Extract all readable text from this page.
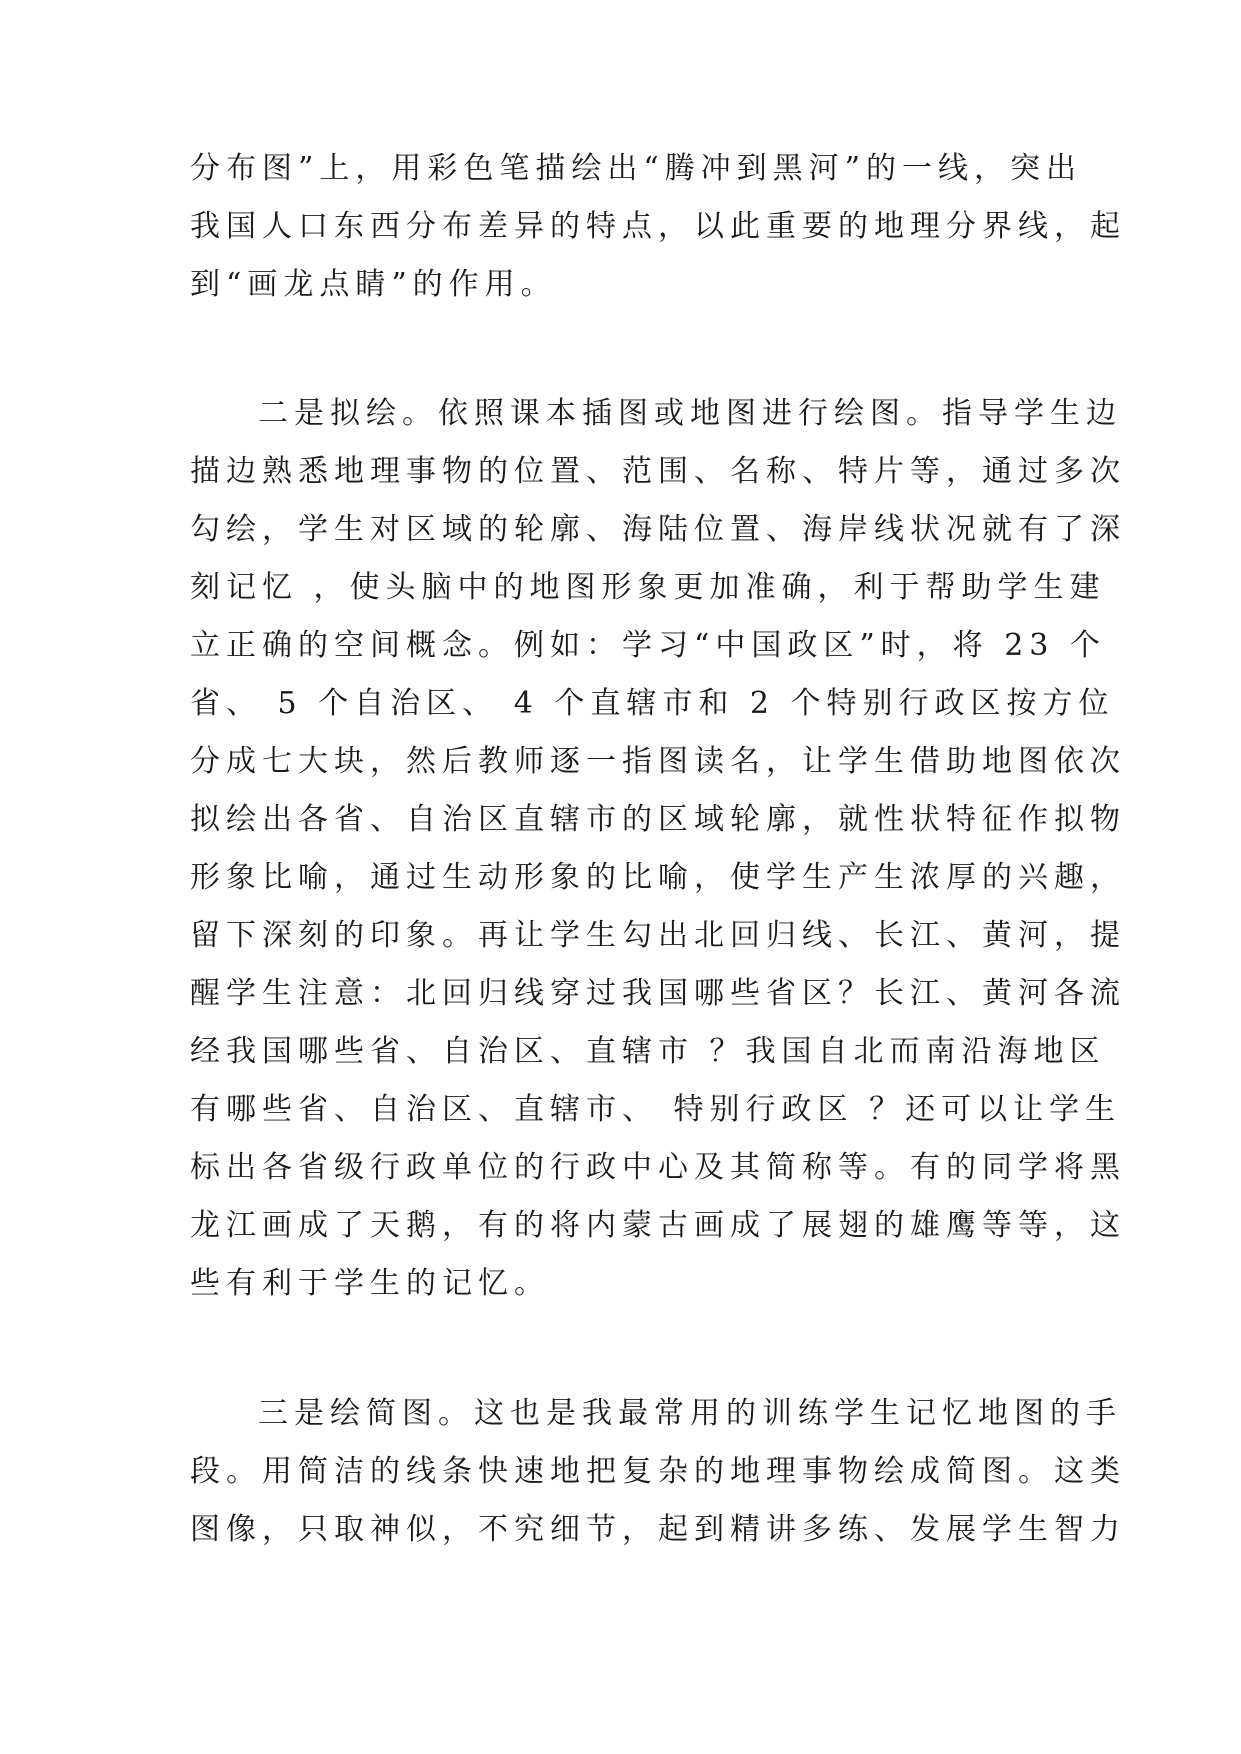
分布图”上，用彩色笔描绘出“腾冲到黑河”的一线，突出
我国人口东西分布差异的特点，以此重要的地理分界线，起
到“画龙点睛”的作用。
二是拟绘。依照课本插图或地图进行绘图。指导学生边
描边熟悉地理事物的位置、范围、名称、特片等，通过多次
勾绘，学生对区域的轮廓、海陆位置、海岸线状况就有了深
刻记忆 ，使头脑中的地图形象更加准确，利于帮助学生建
立正确的空间概念。例如：学习“中国政区”时，将 23 个
省、 5 个自治区、 4 个直辖市和 2 个特别行政区按方位
分成七大块，然后教师逐一指图读名，让学生借助地图依次
拟绘出各省、自治区直辖市的区域轮廓，就性状特征作拟物
形象比喻，通过生动形象的比喻，使学生产生浓厚的兴趣，
留下深刻的印象。再让学生勾出北回归线、长江、黄河，提
醒学生注意：北回归线穿过我国哪些省区？长江、黄河各流
经我国哪些省、自治区、直辖市 ？我国自北而南沿海地区
有哪些省、自治区、直辖市、 特别行政区 ？还可以让学生
标出各省级行政单位的行政中心及其简称等。有的同学将黑
龙江画成了天鹅，有的将内蒙古画成了展翅的雄鹰等等，这
些有利于学生的记忆。
三是绘简图。这也是我最常用的训练学生记忆地图的手
段。用简洁的线条快速地把复杂的地理事物绘成简图。这类
图像，只取神似，不究细节，起到精讲多练、发展学生智力
